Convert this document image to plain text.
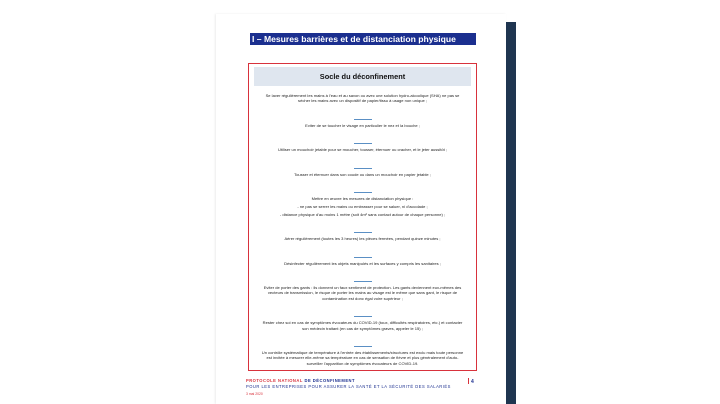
I – Mesures barrières et de distanciation physique
Socle du déconfinement

Se laver régulièrement les mains à l'eau et au savon ou avec une solution hydro-alcoolique (SHA) ne pas se sécher les mains avec un dispositif de papier/tissu à usage non unique ;

Eviter de se toucher le visage en particulier le nez et la bouche ;

Utiliser un mouchoir jetable pour se moucher, tousser, éternuer ou cracher, et le jeter aussitôt ;

Tousser et éternuer dans son coude ou dans un mouchoir en papier jetable ;

Mettre en œuvre les mesures de distanciation physique :

- ne pas se serrer les mains ou embrasser pour se saluer, ni d'accolade ;

- distance physique d'au moins 1 mètre (soit 4m² sans contact autour de chaque personne) ;

Aérer régulièrement (toutes les 3 heures) les pièces fermées, pendant quinze minutes ;

Désinfecter régulièrement les objets manipulés et les surfaces y compris les sanitaires ;

Eviter de porter des gants : ils donnent un faux sentiment de protection. Les gants deviennent eux-mêmes des vecteurs de transmission, le risque de porter les mains au visage est le même que sans gant, le risque de contamination est donc égal voire supérieur ;

Rester chez soi en cas de symptômes évocateurs du COVID-19 (toux, difficultés respiratoires, etc.) et contacter son médecin traitant (en cas de symptômes graves, appeler le 15) ;

Un contrôle systématique de température à l'entrée des établissements/structures est exclu mais toute personne est invitée à mesurer elle-même sa température en cas de sensation de fièvre et plus généralement d'auto-surveiller l'apparition de symptômes évocateurs de COVID-19.

PROTOCOLE NATIONAL DE DÉCONFINEMENT
POUR LES ENTREPRISES POUR ASSURER LA SANTÉ ET LA SÉCURITÉ DES SALARIÉS
3 mai 2020
4
